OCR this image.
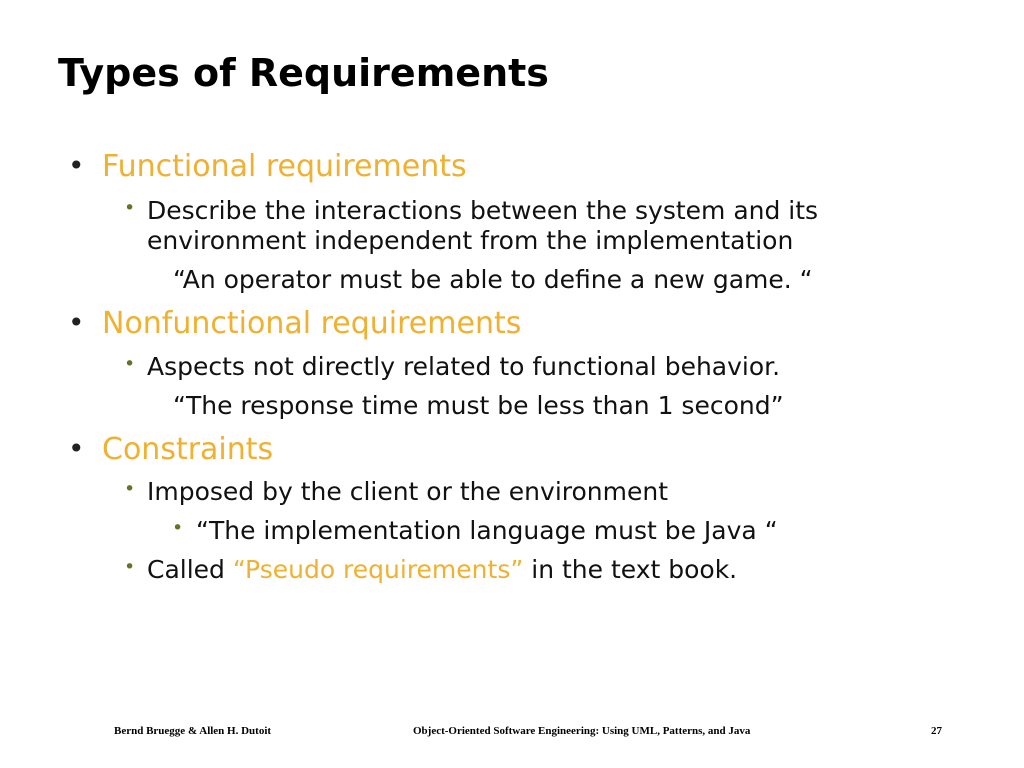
Types of Requirements
• Functional requirements
• Describe the interactions between the system and its
environment independent from the implementation
“An operator must be able to define a new game. “
• Nonfunctional requirements
• Aspects not directly related to functional behavior.
“The response time must be less than 1 second”
• Constraints
• Imposed by the client or the environment
• “The implementation language must be Java “
• Called “Pseudo requirements” in the text book.
Bernd Bruegge & Allen H. Dutoit	Object-Oriented Software Engineering: Using UML, Patterns, and Java	27
